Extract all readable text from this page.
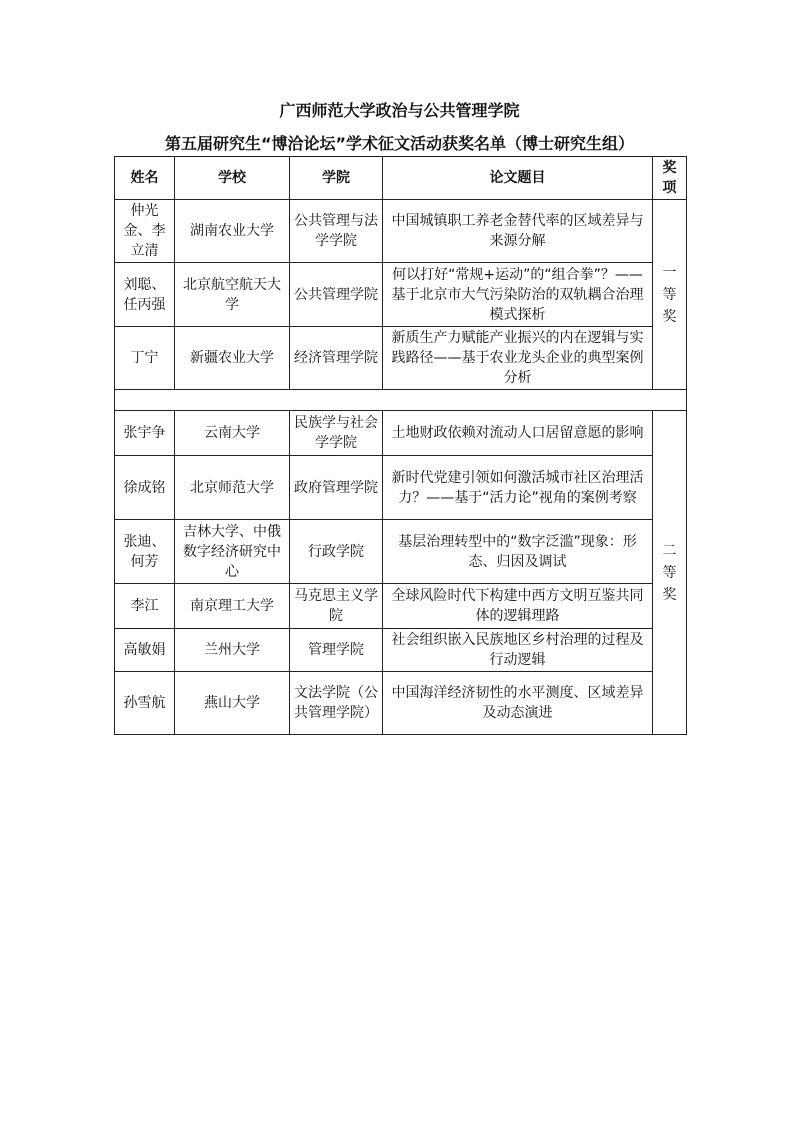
广西师范大学政治与公共管理学院
第五届研究生“博洽论坛”学术征文活动获奖名单（博士研究生组）
姓名	学校	学院	论文题目	奖项
仲光金、李立清	湖南农业大学	公共管理与法学学院	中国城镇职工养老金替代率的区域差异与来源分解	一等奖
刘聪、任丙强	北京航空航天大学	公共管理学院	何以打好“常规+运动”的“组合拳”？——基于北京市大气污染防治的双轨耦合治理模式探析	
丁宁	新疆农业大学	经济管理学院	新质生产力赋能产业振兴的内在逻辑与实践路径——基于农业龙头企业的典型案例分析	

张宇争	云南大学	民族学与社会学学院	土地财政依赖对流动人口居留意愿的影响	二等奖
徐成铭	北京师范大学	政府管理学院	新时代党建引领如何激活城市社区治理活力？——基于“活力论”视角的案例考察	
张迪、何芳	吉林大学、中俄数字经济研究中心	行政学院	基层治理转型中的“数字泛滥”现象：形态、归因及调试	
李江	南京理工大学	马克思主义学院	全球风险时代下构建中西方文明互鉴共同体的逻辑理路	
高敏娟	兰州大学	管理学院	社会组织嵌入民族地区乡村治理的过程及行动逻辑	
孙雪航	燕山大学	文法学院（公共管理学院）	中国海洋经济韧性的水平测度、区域差异及动态演进	
